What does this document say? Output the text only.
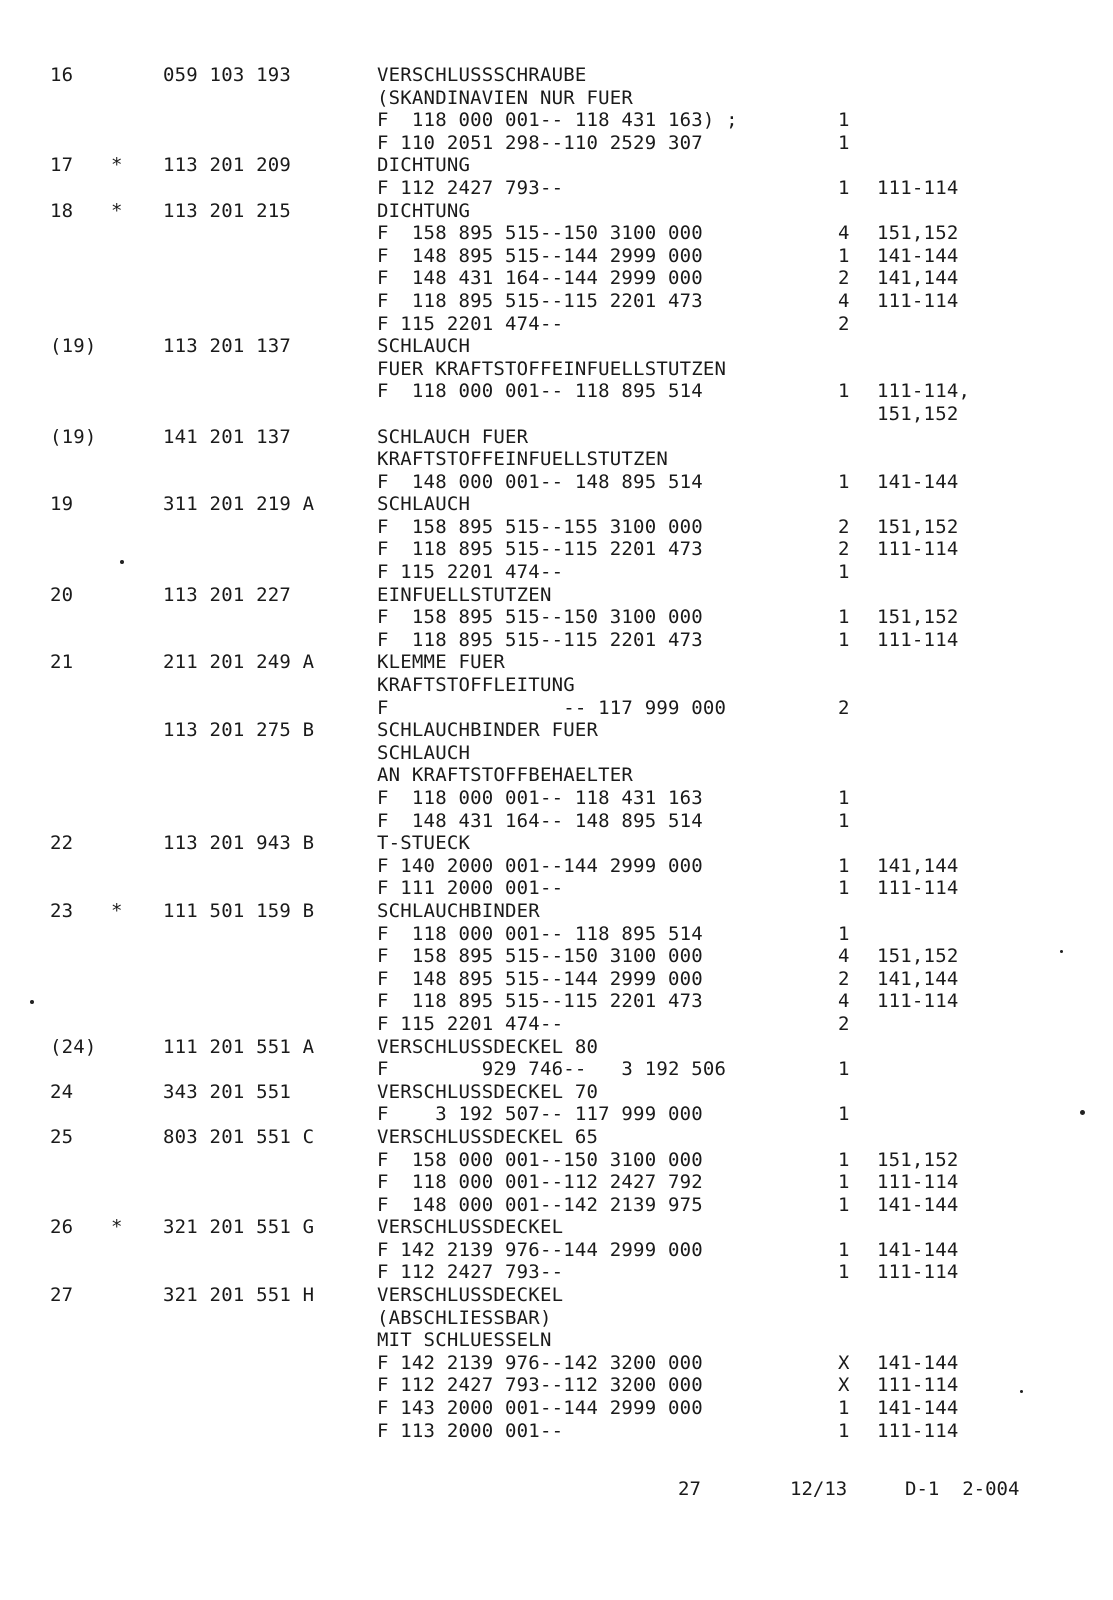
16	059 103 193	VERSCHLUSSSCHRAUBE
(SKANDINAVIEN NUR FUER
F  118 000 001-- 118 431 163) ;	1
F 110 2051 298--110 2529 307	1
17 * 113 201 209	DICHTUNG
F 112 2427 793--	1 111-114
18 * 113 201 215	DICHTUNG
F  158 895 515--150 3100 000	4 151,152
F  148 895 515--144 2999 000	1 141-144
F  148 431 164--144 2999 000	2 141,144
F  118 895 515--115 2201 473	4 111-114
F 115 2201 474--	2
(19)	113 201 137	SCHLAUCH
FUER KRAFTSTOFFEINFUELLSTUTZEN
F  118 000 001-- 118 895 514	1 111-114,
151,152
(19)	141 201 137	SCHLAUCH FUER
KRAFTSTOFFEINFUELLSTUTZEN
F  148 000 001-- 148 895 514	1 141-144
19	311 201 219 A	SCHLAUCH
F  158 895 515--155 3100 000	2 151,152
F  118 895 515--115 2201 473	2 111-114
F 115 2201 474--	1
20	113 201 227	EINFUELLSTUTZEN
F  158 895 515--150 3100 000	1 151,152
F  118 895 515--115 2201 473	1 111-114
21	211 201 249 A	KLEMME FUER
KRAFTSTOFFLEITUNG
F               -- 117 999 000	2
113 201 275 B	SCHLAUCHBINDER FUER
SCHLAUCH
AN KRAFTSTOFFBEHAELTER
F  118 000 001-- 118 431 163	1
F  148 431 164-- 148 895 514	1
22	113 201 943 B	T-STUECK
F 140 2000 001--144 2999 000	1 141,144
F 111 2000 001--	1 111-114
23 * 111 501 159 B	SCHLAUCHBINDER
F  118 000 001-- 118 895 514	1
F  158 895 515--150 3100 000	4 151,152
F  148 895 515--144 2999 000	2 141,144
F  118 895 515--115 2201 473	4 111-114
F 115 2201 474--	2
(24)	111 201 551 A	VERSCHLUSSDECKEL 80
F        929 746--   3 192 506	1
24	343 201 551	VERSCHLUSSDECKEL 70
F    3 192 507-- 117 999 000	1
25	803 201 551 C	VERSCHLUSSDECKEL 65
F  158 000 001--150 3100 000	1 151,152
F  118 000 001--112 2427 792	1 111-114
F  148 000 001--142 2139 975	1 141-144
26 * 321 201 551 G	VERSCHLUSSDECKEL
F 142 2139 976--144 2999 000	1 141-144
F 112 2427 793--	1 111-114
27	321 201 551 H	VERSCHLUSSDECKEL
(ABSCHLIESSBAR)
MIT SCHLUESSELN
F 142 2139 976--142 3200 000	X 141-144
F 112 2427 793--112 3200 000	X 111-114
F 143 2000 001--144 2999 000	1 141-144
F 113 2000 001--	1 111-114

27

	12/13

	D-1  2-004
